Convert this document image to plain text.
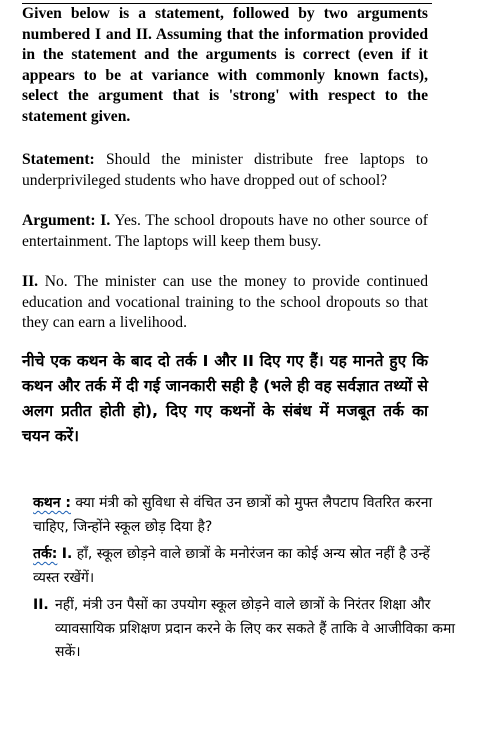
Given below is a statement, followed by two arguments numbered I and II. Assuming that the information provided in the statement and the arguments is correct (even if it appears to be at variance with commonly known facts), select the argument that is 'strong' with respect to the statement given.
Statement: Should the minister distribute free laptops to underprivileged students who have dropped out of school?
Argument: I. Yes. The school dropouts have no other source of entertainment. The laptops will keep them busy.
II. No. The minister can use the money to provide continued education and vocational training to the school dropouts so that they can earn a livelihood.
नीचे एक कथन के बाद दो तर्क I और II दिए गए हैं। यह मानते हुए कि कथन और तर्क में दी गई जानकारी सही है (भले ही वह सर्वज्ञात तथ्यों से अलग प्रतीत होती हो), दिए गए कथनों के संबंध में मजबूत तर्क का चयन करें।
कथन : क्या मंत्री को सुविधा से वंचित उन छात्रों को मुफ्त लैपटाप वितरित करना चाहिए, जिन्होंने स्कूल छोड़ दिया है?
तर्क: I. हाँ, स्कूल छोड़ने वाले छात्रों के मनोरंजन का कोई अन्य स्रोत नहीं है उन्हें व्यस्त रखेंगें।
II. नहीं, मंत्री उन पैसों का उपयोग स्कूल छोड़ने वाले छात्रों के निरंतर शिक्षा और व्यावसायिक प्रशिक्षण प्रदान करने के लिए कर सकते हैं ताकि वे आजीविका कमा सकें।
